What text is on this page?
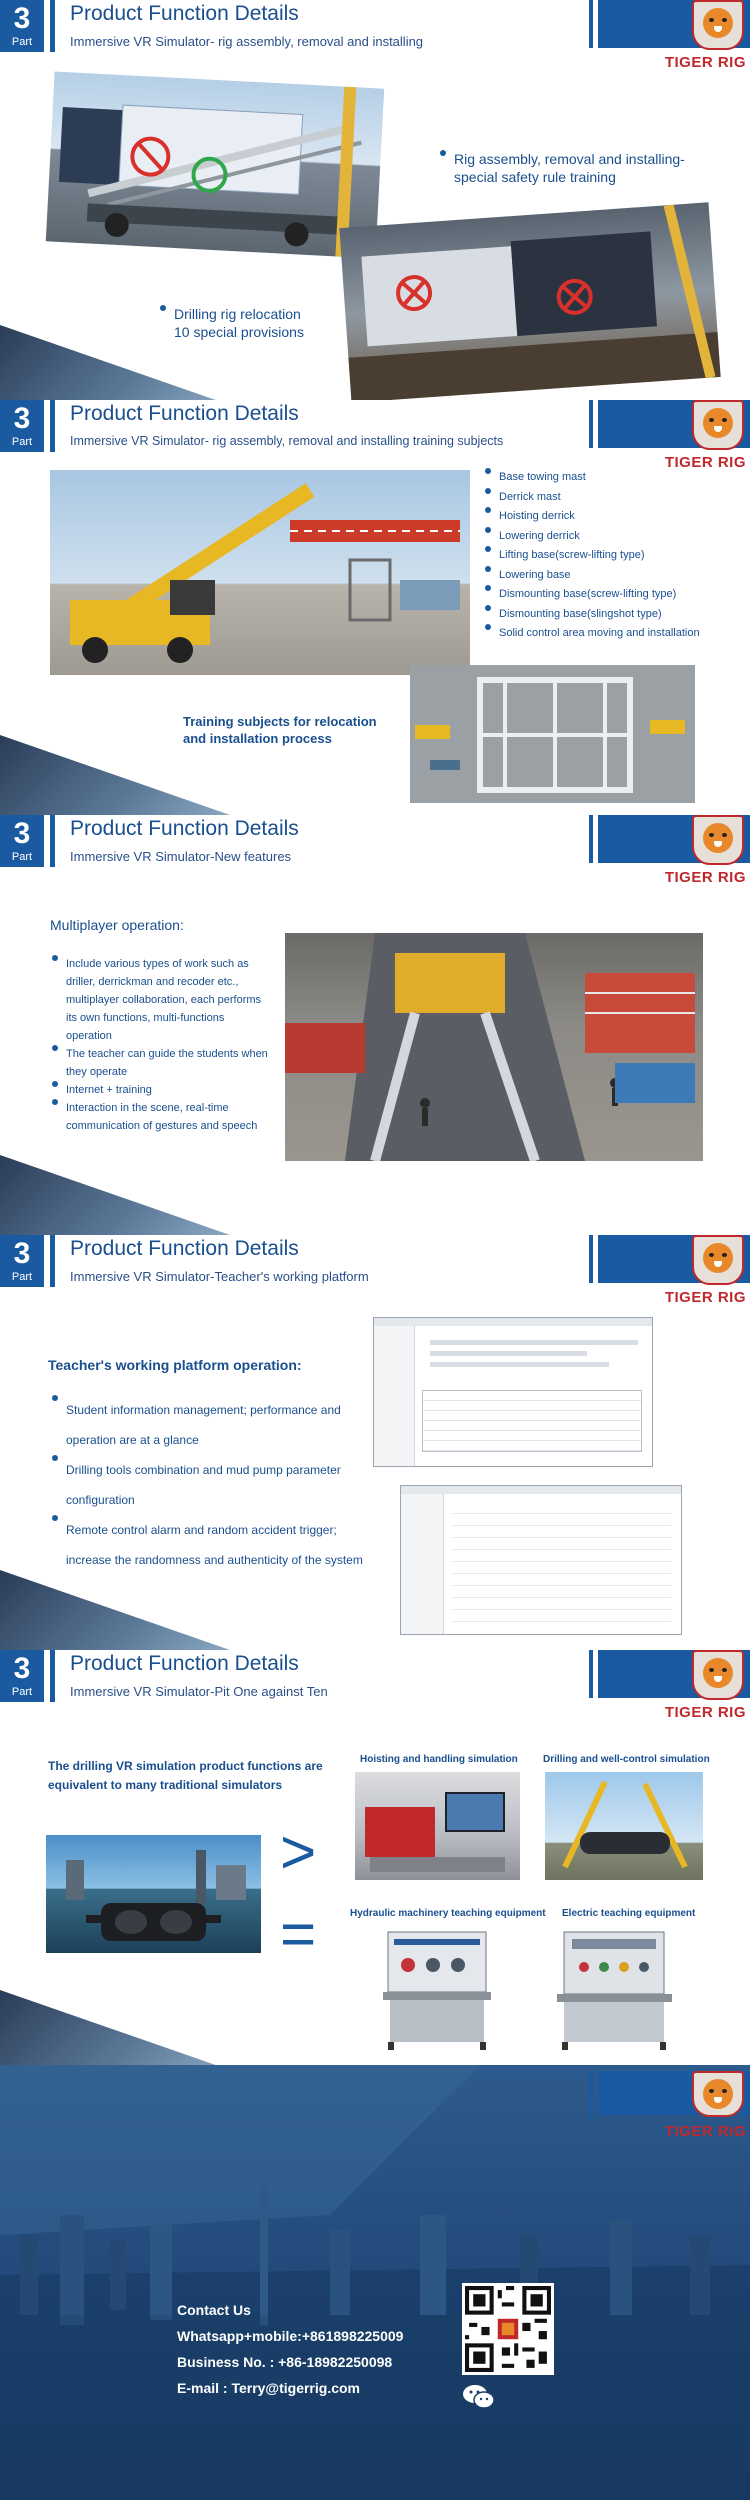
3
Part
Product Function Details
Immersive VR Simulator- rig assembly, removal and installing
TIGER RIG
Rig assembly, removal and installing-
special safety rule training
Drilling rig relocation
10 special provisions
3
Part
Product Function Details
Immersive VR Simulator- rig assembly, removal and installing training subjects
TIGER RIG
Base towing mast
Derrick mast
Hoisting derrick
Lowering derrick
Lifting base(screw-lifting type)
Lowering base
Dismounting base(screw-lifting type)
Dismounting base(slingshot type)
Solid control area moving and installation
Training subjects for relocation
and installation process
3
Part
Product Function Details
Immersive VR Simulator-New features
TIGER RIG
Multiplayer operation:
Include various types of work such as
driller, derrickman and recoder etc.,
multiplayer collaboration, each performs
its own functions, multi-functions
operation
The teacher can guide the students when
they operate
Internet + training
Interaction in the scene, real-time
communication of gestures and speech
3
Part
Product Function Details
Immersive VR Simulator-Teacher's working platform
TIGER RIG
Teacher's working platform operation:
Student information management; performance and
operation are at a glance
Drilling tools combination and mud pump parameter
configuration
Remote control alarm and random accident trigger;
increase the randomness and authenticity of the system
3
Part
Product Function Details
Immersive VR Simulator-Pit One against Ten
TIGER RIG
The drilling VR simulation product functions are
equivalent to many traditional simulators
>
=
Hoisting and handling simulation	Drilling and well-control simulation
Hydraulic machinery teaching equipment Electric teaching equipment
TIGER RIG
Contact Us
Whatsapp+mobile:+861898225009
Business No. : +86-18982250098
E-mail : Terry@tigerrig.com
